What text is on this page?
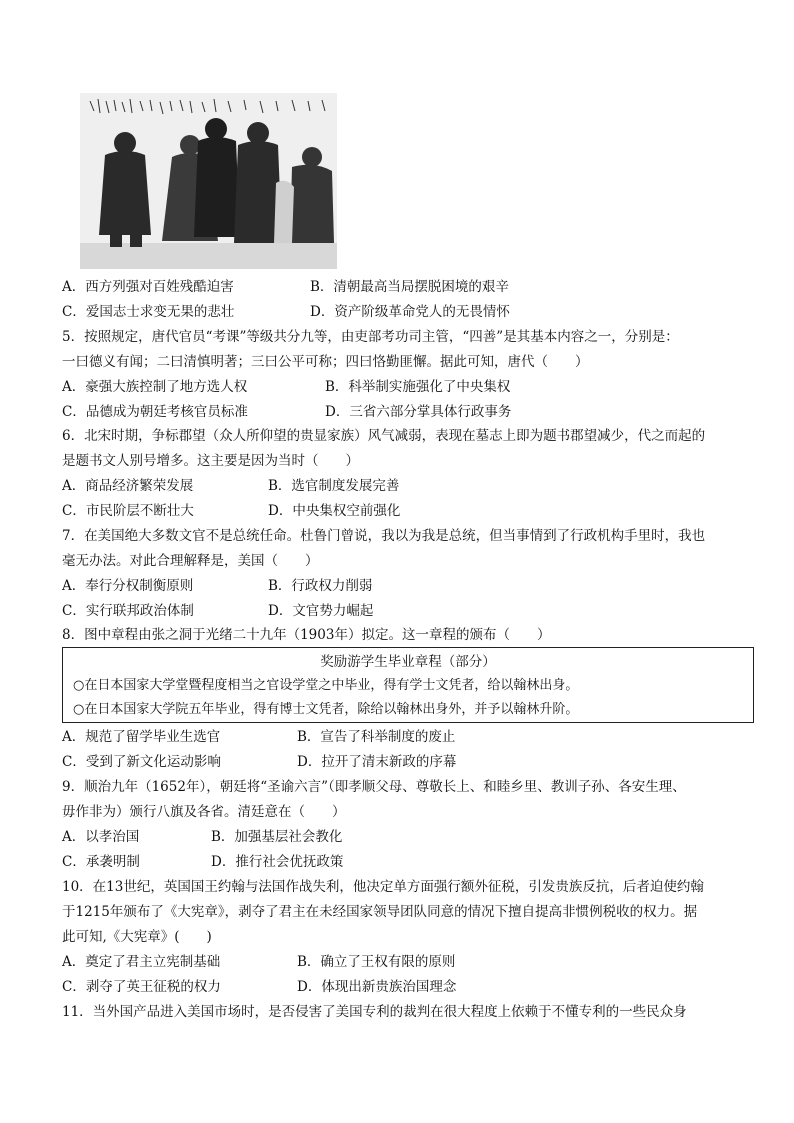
A．西方列强对百姓残酷迫害	B．清朝最高当局摆脱困境的艰辛
C．爱国志士求变无果的悲壮	D．资产阶级革命党人的无畏情怀
5．按照规定，唐代官员“考课”等级共分九等，由吏部考功司主管，“四善”是其基本内容之一，分别是：
一曰德义有闻；二曰清慎明著；三曰公平可称；四曰恪勤匪懈。据此可知，唐代（　　）
A．豪强大族控制了地方选人权	B．科举制实施强化了中央集权
C．品德成为朝廷考核官员标准	D．三省六部分掌具体行政事务
6．北宋时期，争标郡望（众人所仰望的贵显家族）风气减弱，表现在墓志上即为题书郡望减少，代之而起的
是题书文人别号增多。这主要是因为当时（　　）
A．商品经济繁荣发展	B．选官制度发展完善
C．市民阶层不断壮大	D．中央集权空前强化
7．在美国绝大多数文官不是总统任命。杜鲁门曾说，我以为我是总统，但当事情到了行政机构手里时，我也
毫无办法。对此合理解释是，美国（　　）
A．奉行分权制衡原则	B．行政权力削弱
C．实行联邦政治体制	D．文官势力崛起
8．图中章程由张之洞于光绪二十九年（1903年）拟定。这一章程的颁布（　　）
奖励游学生毕业章程（部分）
○在日本国家大学堂暨程度相当之官设学堂之中毕业，得有学士文凭者，给以翰林出身。
○在日本国家大学院五年毕业，得有博士文凭者，除给以翰林出身外，并予以翰林升阶。
A．规范了留学毕业生选官	B．宣告了科举制度的废止
C．受到了新文化运动影响	D．拉开了清末新政的序幕
9．顺治九年（1652年），朝廷将“圣谕六言”（即孝顺父母、尊敬长上、和睦乡里、教训子孙、各安生理、
毋作非为）颁行八旗及各省。清廷意在（　　）
A．以孝治国	B．加强基层社会教化
C．承袭明制	D．推行社会优抚政策
10．在13世纪，英国国王约翰与法国作战失利，他决定单方面强行额外征税，引发贵族反抗，后者迫使约翰
于1215年颁布了《大宪章》，剥夺了君主在未经国家领导团队同意的情况下擅自提高非惯例税收的权力。据
此可知,《大宪章》(　　)
A．奠定了君主立宪制基础	B．确立了王权有限的原则
C．剥夺了英王征税的权力	D．体现出新贵族治国理念
11．当外国产品进入美国市场时，是否侵害了美国专利的裁判在很大程度上依赖于不懂专利的一些民众身
